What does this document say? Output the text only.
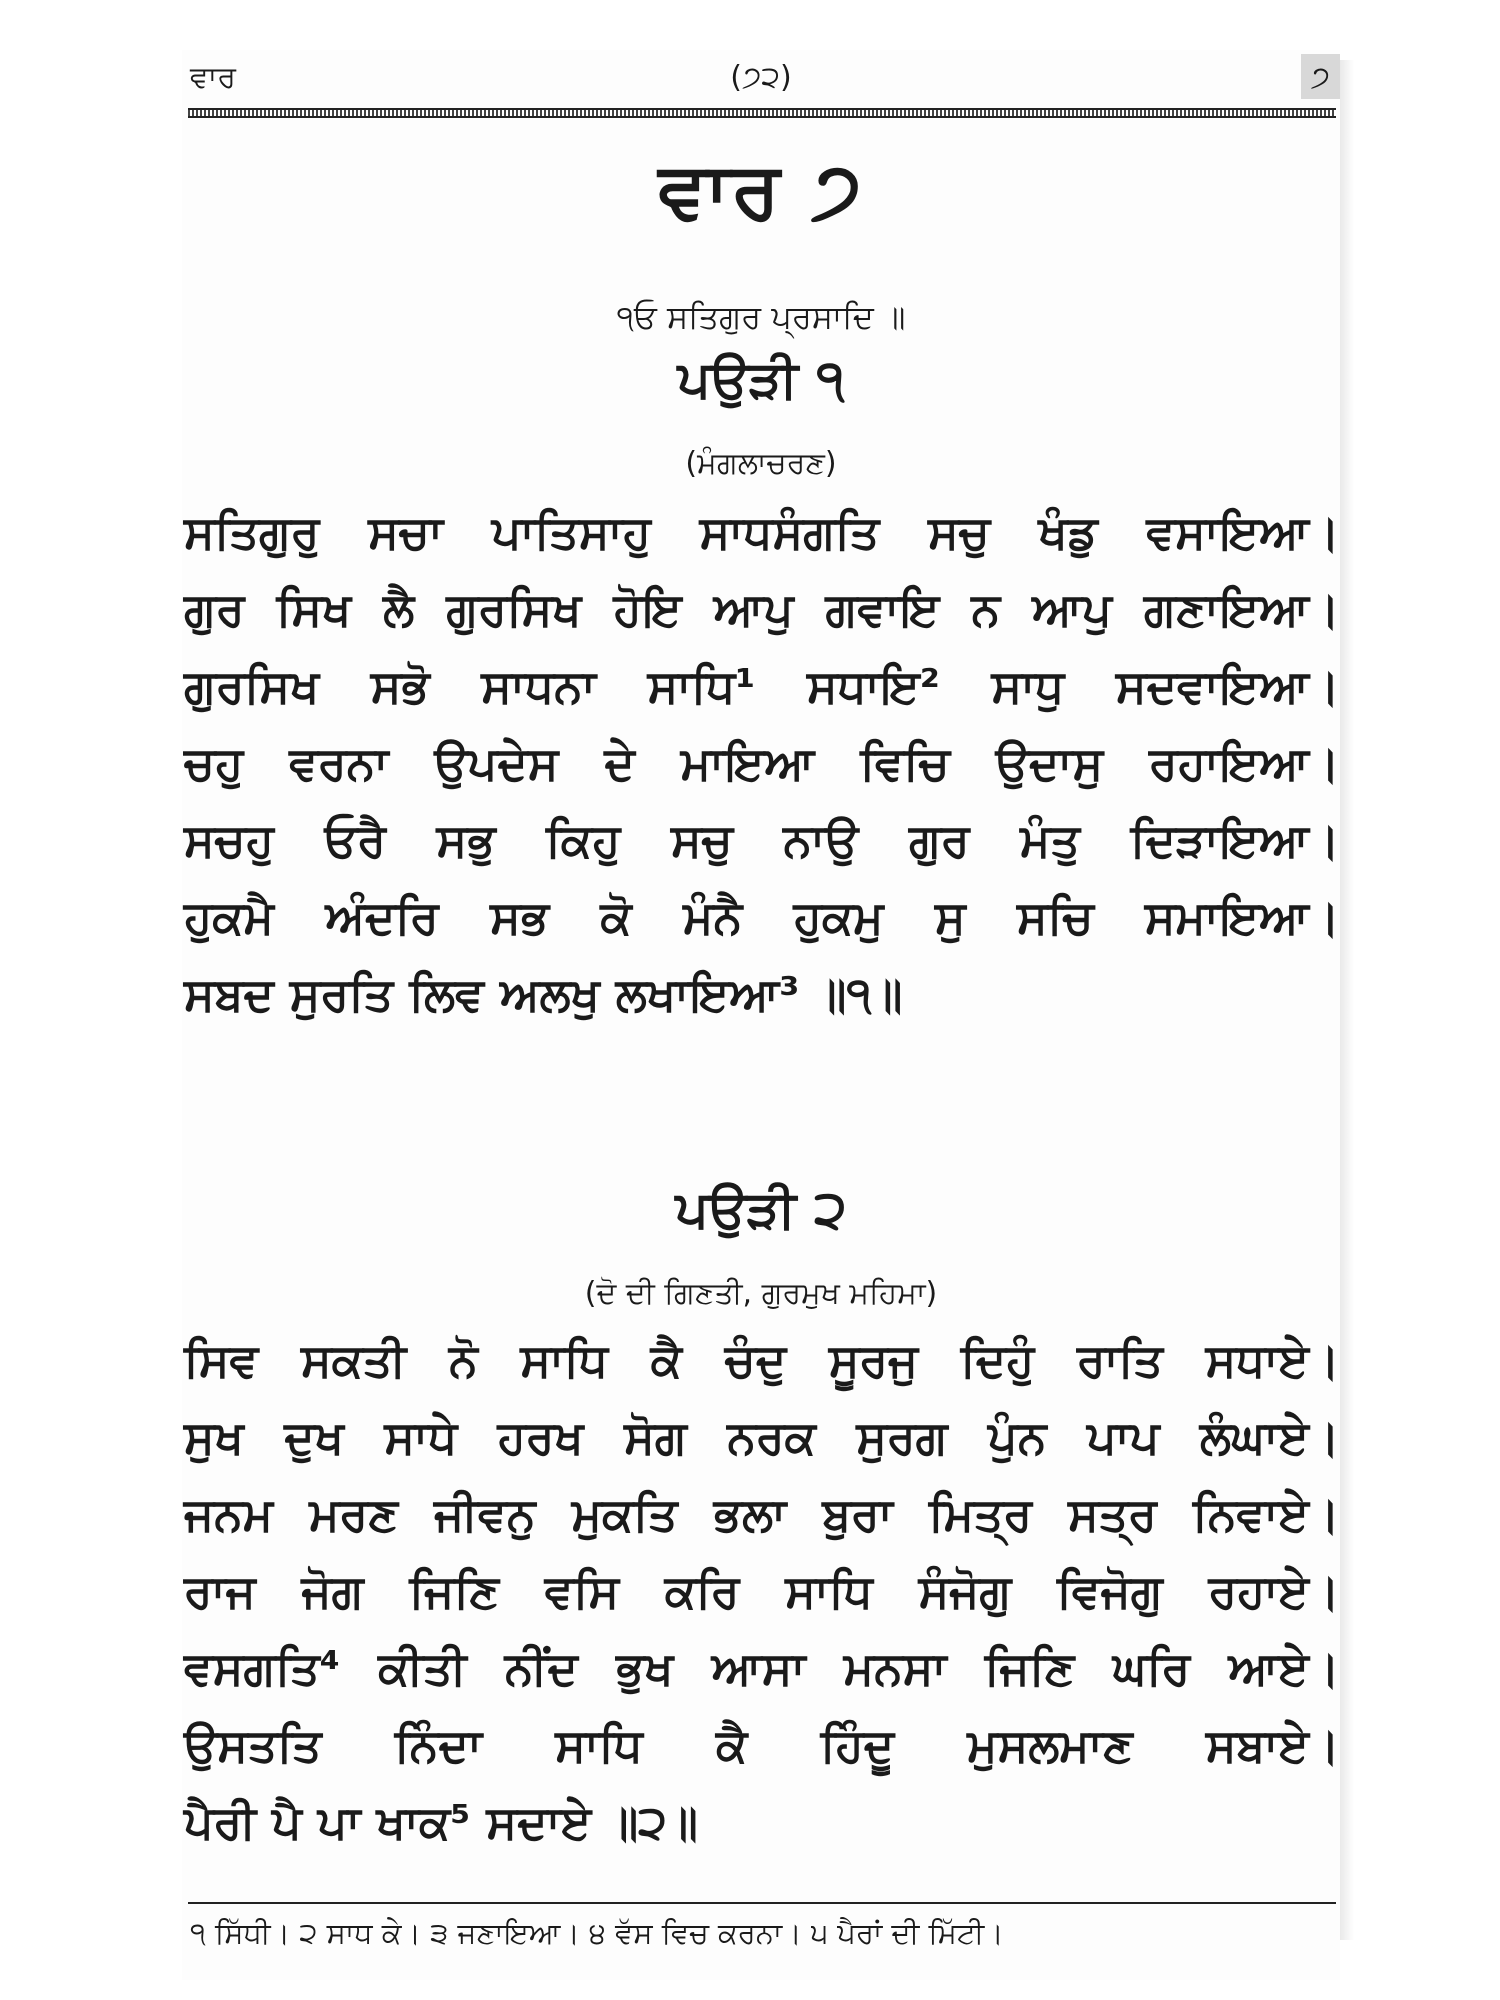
ਵਾਰ	(੭੨)	੭
ਵਾਰ ੭
੧ਓ ਸਤਿਗੁਰ ਪ੍ਰਸਾਦਿ ॥
ਪਉੜੀ ੧
(ਮੰਗਲਾਚਰਣ)
ਸਤਿਗੁਰੁ ਸਚਾ ਪਾਤਿਸਾਹੁ ਸਾਧਸੰਗਤਿ ਸਚੁ ਖੰਡੁ ਵਸਾਇਆ।
ਗੁਰ ਸਿਖ ਲੈ ਗੁਰਸਿਖ ਹੋਇ ਆਪੁ ਗਵਾਇ ਨ ਆਪੁ ਗਣਾਇਆ।
ਗੁਰਸਿਖ ਸਭੋ ਸਾਧਨਾ ਸਾਧਿ¹ ਸਧਾਇ² ਸਾਧੁ ਸਦਵਾਇਆ।
ਚਹੁ ਵਰਨਾ ਉਪਦੇਸ ਦੇ ਮਾਇਆ ਵਿਚਿ ਉਦਾਸੁ ਰਹਾਇਆ।
ਸਚਹੁ ਓਰੈ ਸਭੁ ਕਿਹੁ ਸਚੁ ਨਾਉ ਗੁਰ ਮੰਤੁ ਦਿੜਾਇਆ।
ਹੁਕਮੈ ਅੰਦਰਿ ਸਭ ਕੋ ਮੰਨੈ ਹੁਕਮੁ ਸੁ ਸਚਿ ਸਮਾਇਆ।
ਸਬਦ ਸੁਰਤਿ ਲਿਵ ਅਲਖੁ ਲਖਾਇਆ³ ॥੧॥
ਪਉੜੀ ੨
(ਦੋ ਦੀ ਗਿਣਤੀ, ਗੁਰਮੁਖ ਮਹਿਮਾ)
ਸਿਵ ਸਕਤੀ ਨੋ ਸਾਧਿ ਕੈ ਚੰਦੁ ਸੂਰਜੁ ਦਿਹੁੰ ਰਾਤਿ ਸਧਾਏ।
ਸੁਖ ਦੁਖ ਸਾਧੇ ਹਰਖ ਸੋਗ ਨਰਕ ਸੁਰਗ ਪੁੰਨ ਪਾਪ ਲੰਘਾਏ।
ਜਨਮ ਮਰਣ ਜੀਵਨੁ ਮੁਕਤਿ ਭਲਾ ਬੁਰਾ ਮਿਤ੍ਰ ਸਤ੍ਰ ਨਿਵਾਏ।
ਰਾਜ ਜੋਗ ਜਿਣਿ ਵਸਿ ਕਰਿ ਸਾਧਿ ਸੰਜੋਗੁ ਵਿਜੋਗੁ ਰਹਾਏ।
ਵਸਗਤਿ⁴ ਕੀਤੀ ਨੀਂਦ ਭੁਖ ਆਸਾ ਮਨਸਾ ਜਿਣਿ ਘਰਿ ਆਏ।
ਉਸਤਤਿ ਨਿੰਦਾ ਸਾਧਿ ਕੈ ਹਿੰਦੂ ਮੁਸਲਮਾਣ ਸਬਾਏ।
ਪੈਰੀ ਪੈ ਪਾ ਖਾਕ⁵ ਸਦਾਏ ॥੨॥
੧ ਸਿੱਧੀ। ੨ ਸਾਧ ਕੇ। ੩ ਜਣਾਇਆ। ੪ ਵੱਸ ਵਿਚ ਕਰਨਾ। ੫ ਪੈਰਾਂ ਦੀ ਮਿੱਟੀ।
